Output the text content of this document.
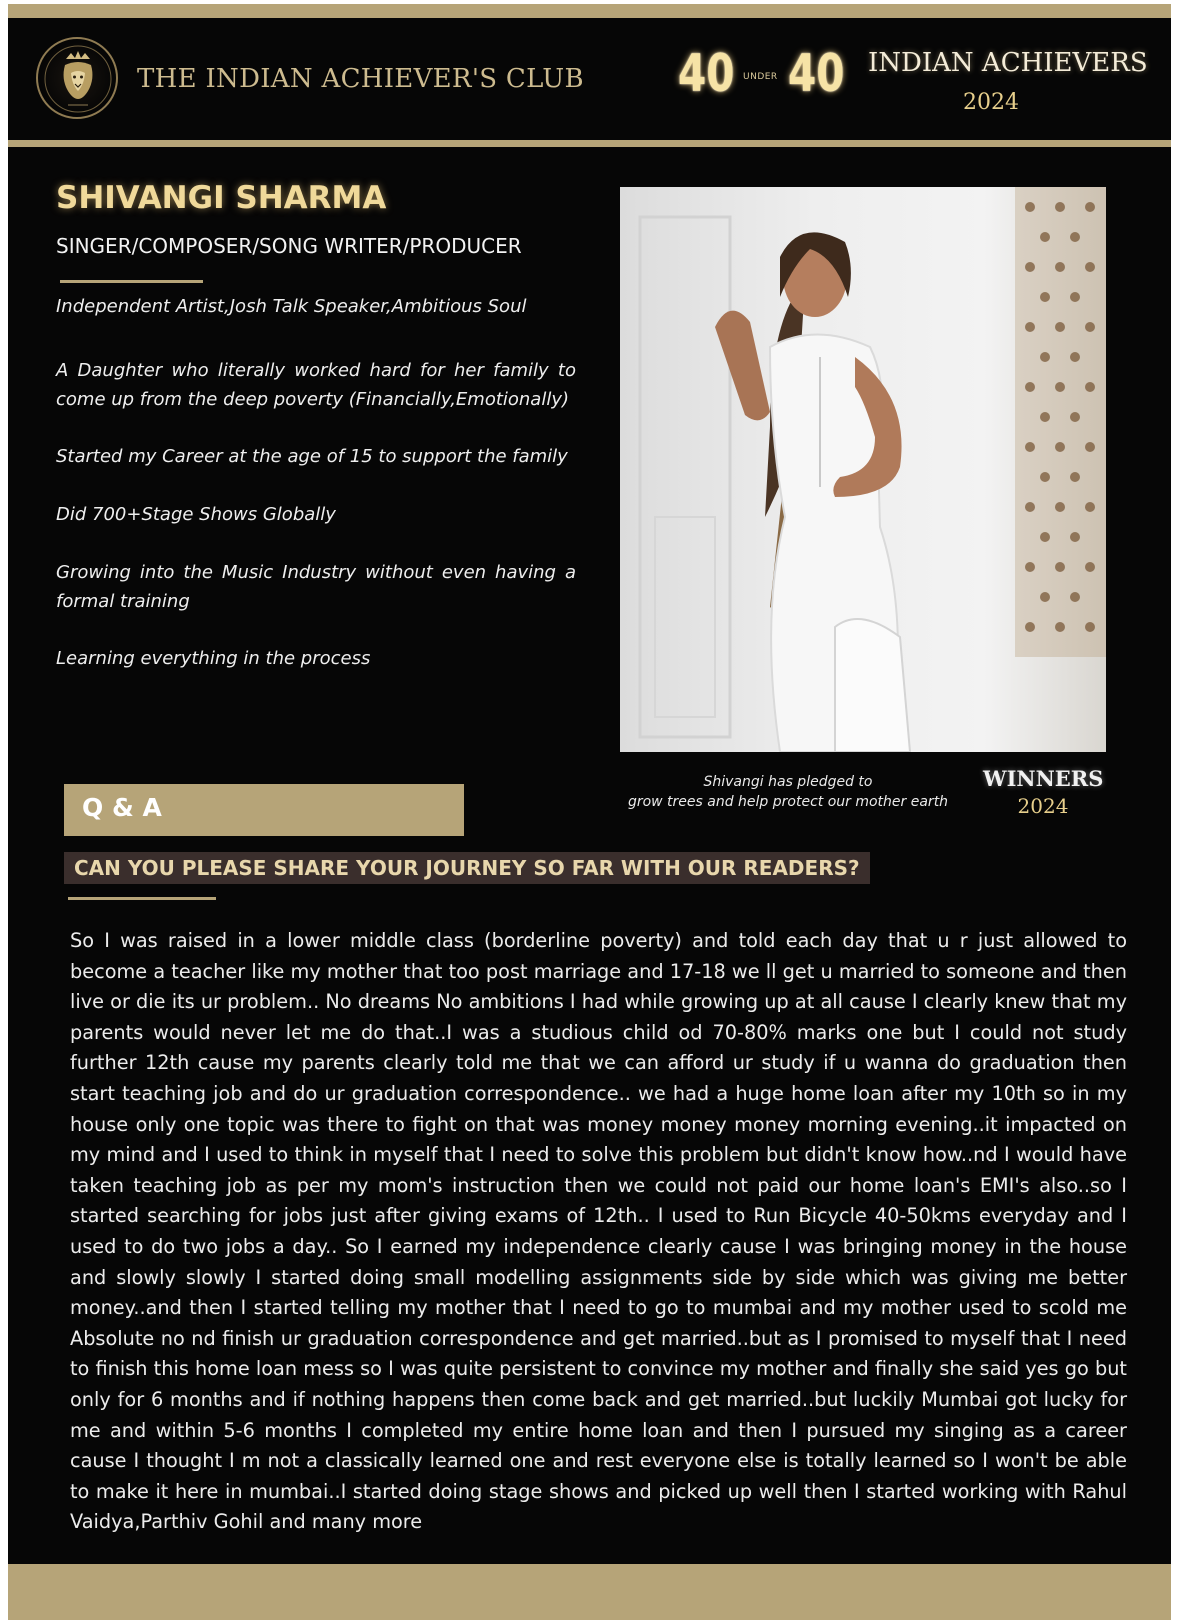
THE INDIAN ACHIEVER'S CLUB 40 UNDER 40 INDIAN ACHIEVERS
2024
SHIVANGI SHARMA
SINGER/COMPOSER/SONG WRITER/PRODUCER
Independent Artist,Josh Talk Speaker,Ambitious Soul
A Daughter who literally worked hard for her family to come up from the deep poverty (Financially,Emotionally)
Started my Career at the age of 15 to support the family
Did 700+Stage Shows Globally
Growing into the Music Industry without even having a formal training
Learning everything in the process
Shivangi has pledged to
grow trees and help protect our mother earth
WINNERS
2024
Q & A
CAN YOU PLEASE SHARE YOUR JOURNEY SO FAR WITH OUR READERS?
So I was raised in a lower middle class (borderline poverty) and told each day that u r just allowed to become a teacher like my mother that too post marriage and 17-18 we ll get u married to someone and then live or die its ur problem.. No dreams No ambitions I had while growing up at all cause I clearly knew that my parents would never let me do that..I was a studious child od 70-80% marks one but I could not study further 12th cause my parents clearly told me that we can afford ur study if u wanna do graduation then start teaching job and do ur graduation correspondence.. we had a huge home loan after my 10th so in my house only one topic was there to fight on that was money money money morning evening..it impacted on my mind and I used to think in myself that I need to solve this problem but didn't know how..nd I would have taken teaching job as per my mom's instruction then we could not paid our home loan's EMI's also..so I started searching for jobs just after giving exams of 12th.. I used to Run Bicycle 40-50kms everyday and I used to do two jobs a day.. So I earned my independence clearly cause I was bringing money in the house and slowly slowly I started doing small modelling assignments side by side which was giving me better money..and then I started telling my mother that I need to go to mumbai and my mother used to scold me Absolute no nd finish ur graduation correspondence and get married..but as I promised to myself that I need to finish this home loan mess so I was quite persistent to convince my mother and finally she said yes go but only for 6 months and if nothing happens then come back and get married..but luckily Mumbai got lucky for me and within 5-6 months I completed my entire home loan and then I pursued my singing as a career cause I thought I m not a classically learned one and rest everyone else is totally learned so I won't be able to make it here in mumbai..I started doing stage shows and picked up well then I started working with Rahul Vaidya,Parthiv Gohil and many more
